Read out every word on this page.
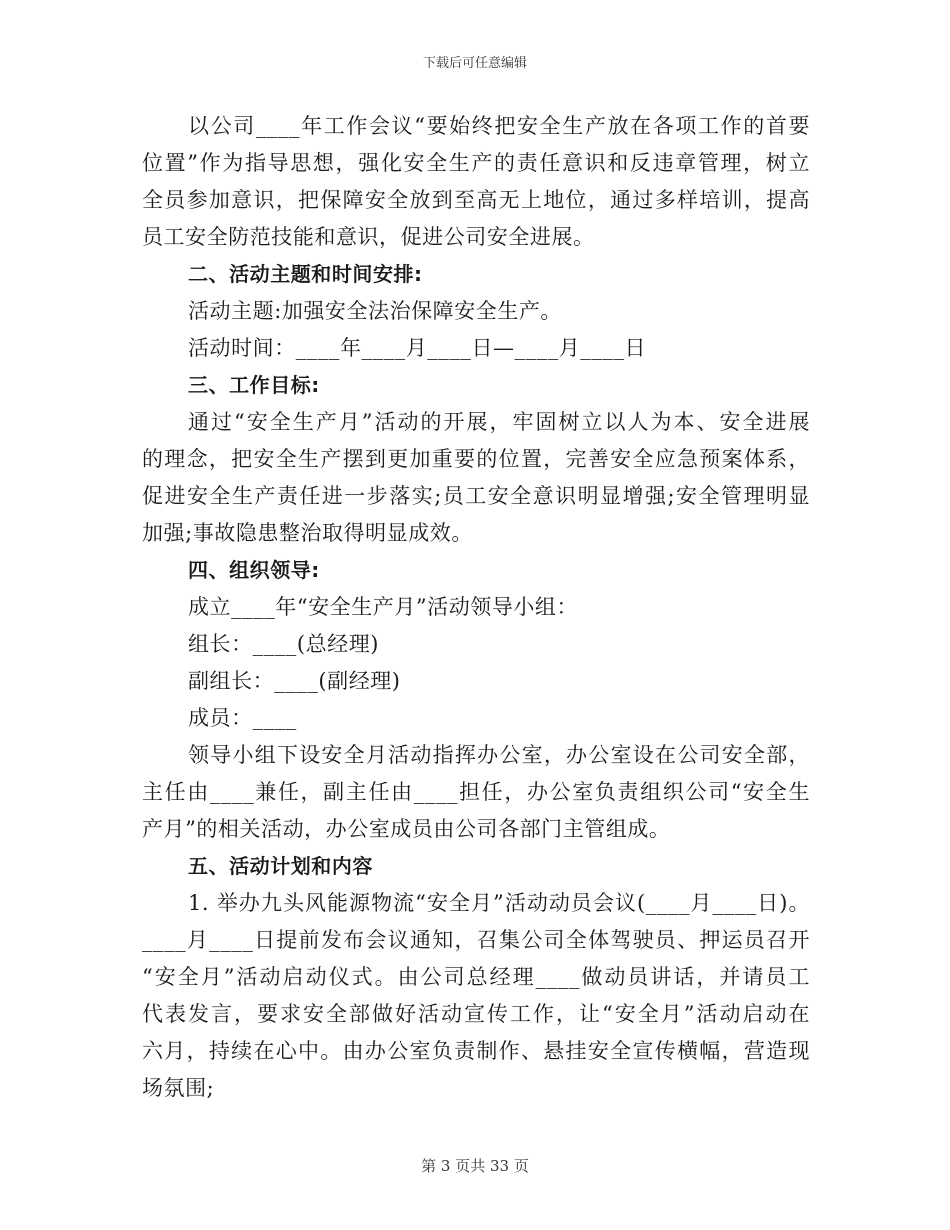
下载后可任意编辑
以公司____年工作会议“要始终把安全生产放在各项工作的首要
位置”作为指导思想，强化安全生产的责任意识和反违章管理，树立
全员参加意识，把保障安全放到至高无上地位，通过多样培训，提高
员工安全防范技能和意识，促进公司安全进展。
二、活动主题和时间安排:
活动主题:加强安全法治保障安全生产。
活动时间：____年____月____日—____月____日
三、工作目标:
通过“安全生产月”活动的开展，牢固树立以人为本、安全进展
的理念，把安全生产摆到更加重要的位置，完善安全应急预案体系，
促进安全生产责任进一步落实;员工安全意识明显增强;安全管理明显
加强;事故隐患整治取得明显成效。
四、组织领导:
成立____年“安全生产月”活动领导小组：
组长：____(总经理)
副组长：____(副经理)
成员：____
领导小组下设安全月活动指挥办公室，办公室设在公司安全部，
主任由____兼任，副主任由____担任，办公室负责组织公司“安全生
产月”的相关活动，办公室成员由公司各部门主管组成。
五、活动计划和内容
1. 举办九头风能源物流“安全月”活动动员会议(____月____日)。
____月____日提前发布会议通知，召集公司全体驾驶员、押运员召开
“安全月”活动启动仪式。由公司总经理____做动员讲话，并请员工
代表发言，要求安全部做好活动宣传工作，让“安全月”活动启动在
六月，持续在心中。由办公室负责制作、悬挂安全宣传横幅，营造现
场氛围;
第 3 页共 33 页
